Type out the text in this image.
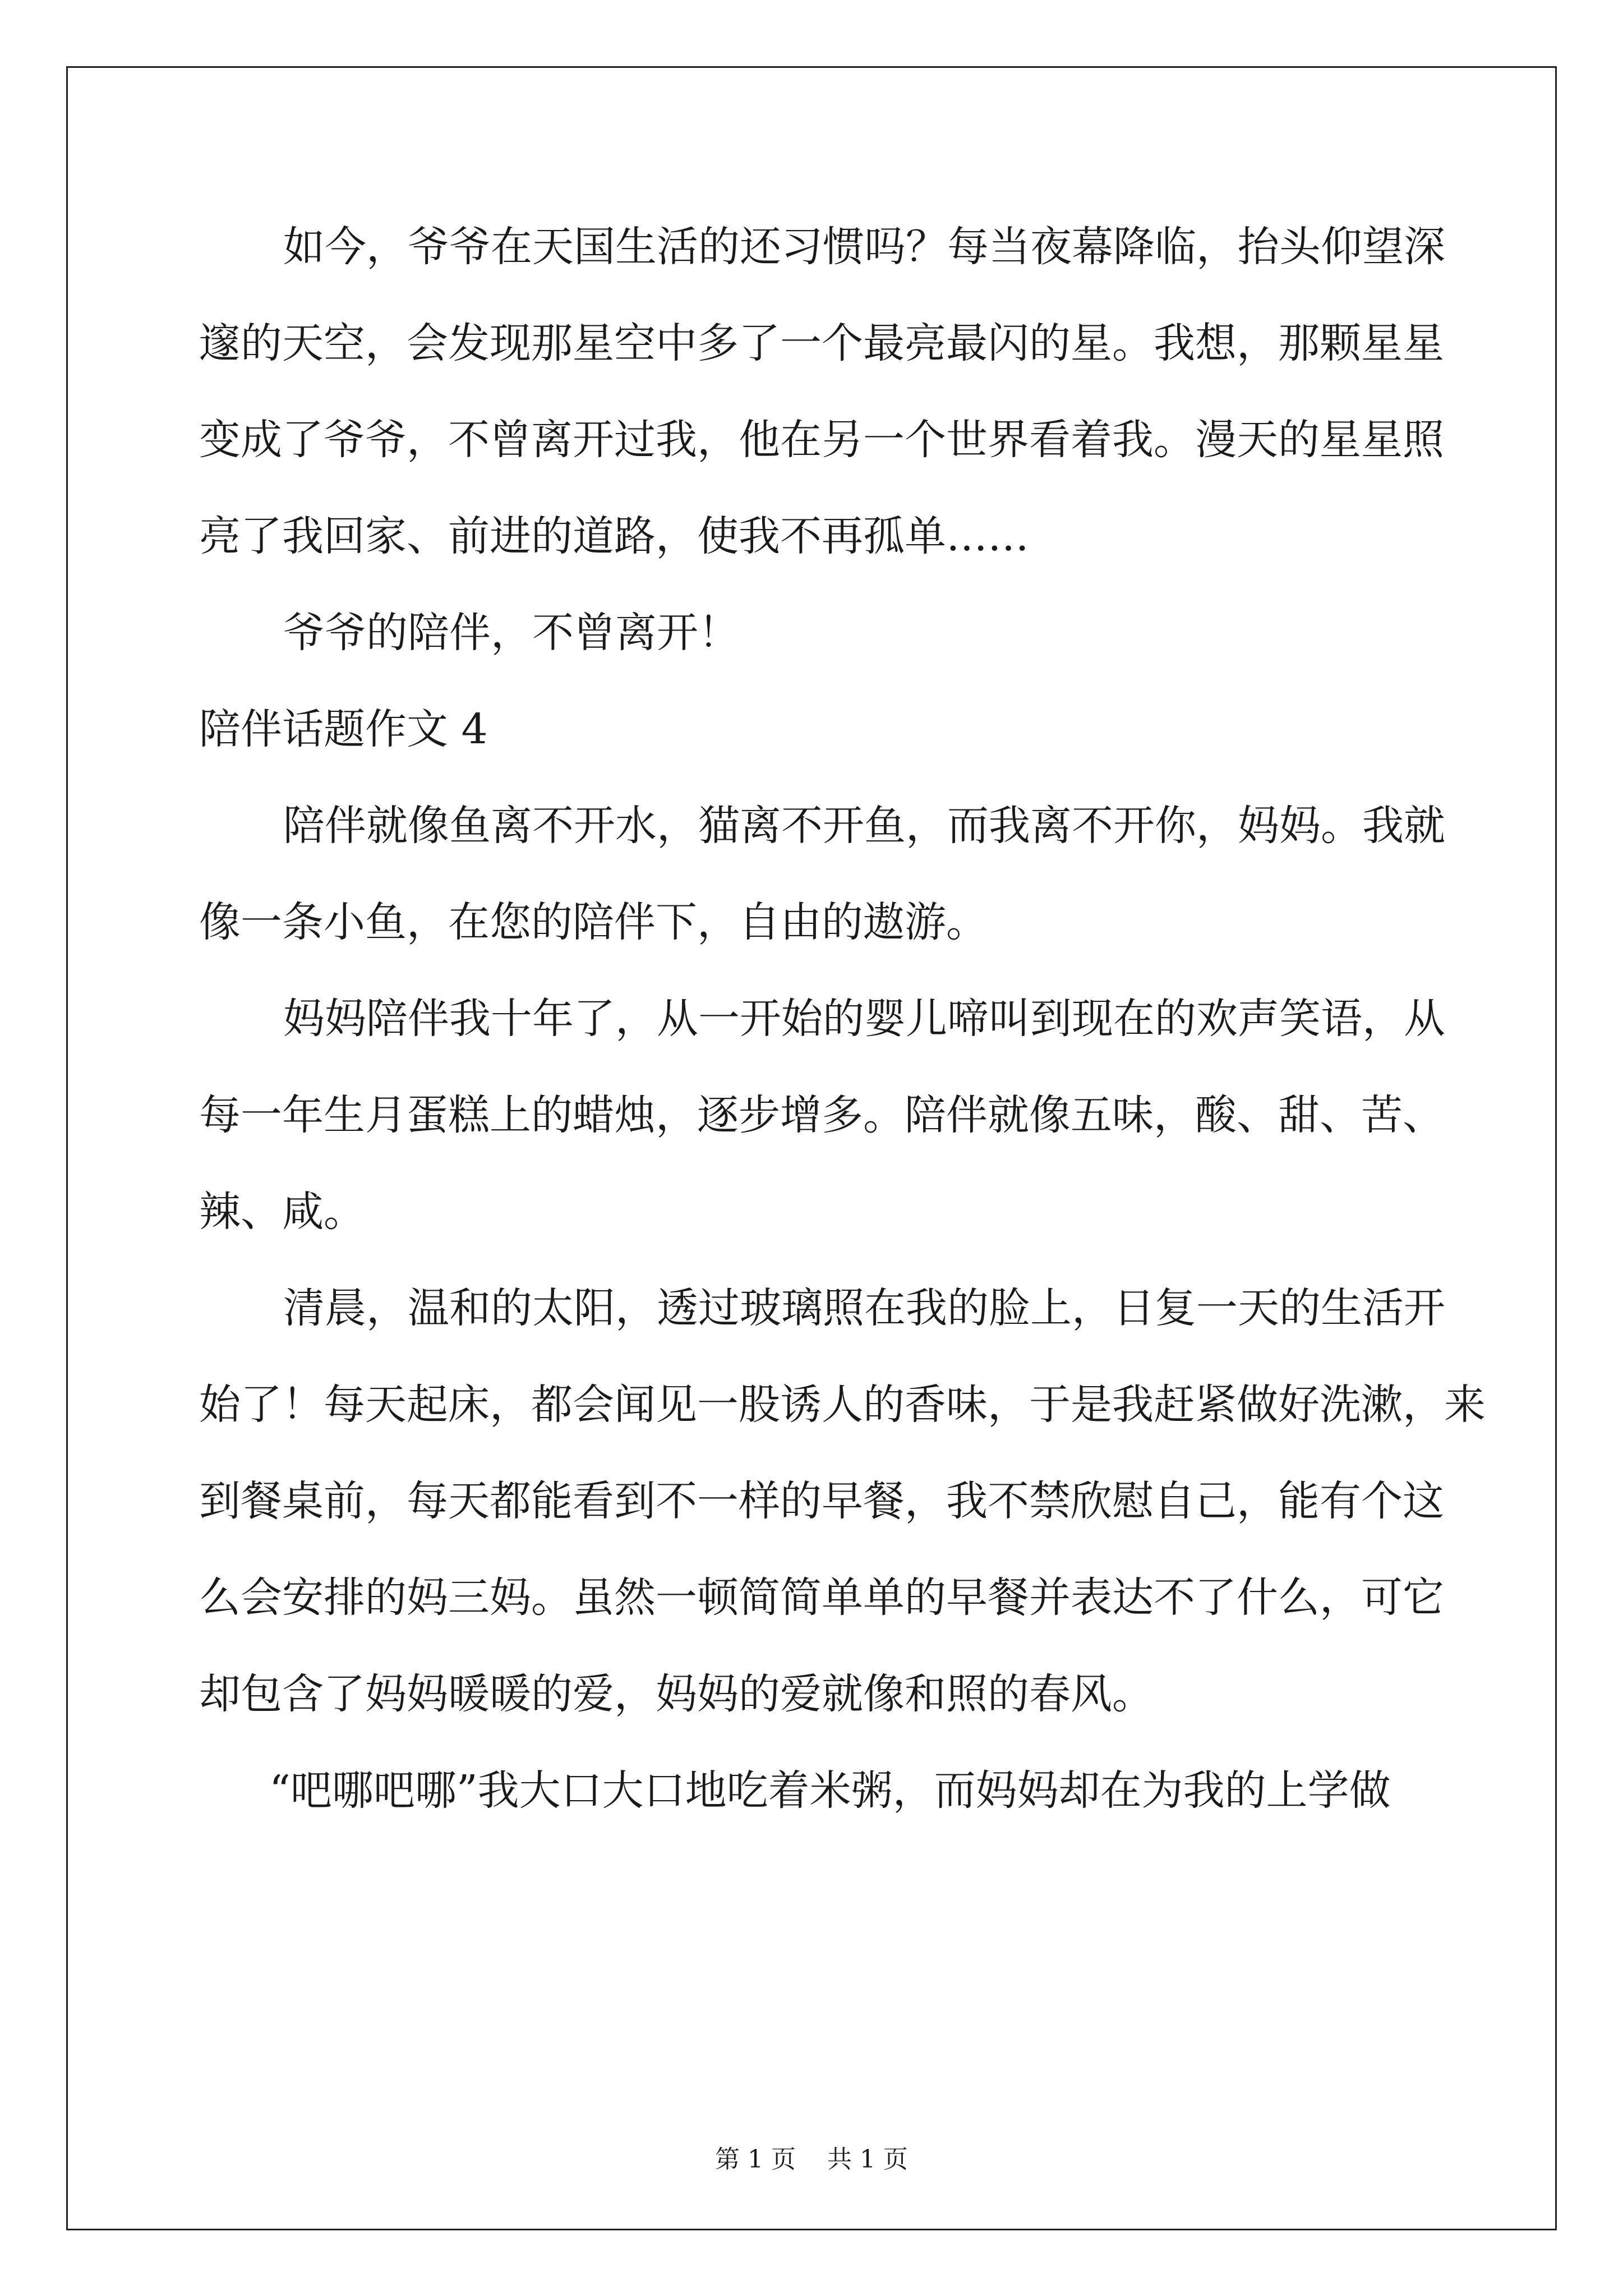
如今，爷爷在天国生活的还习惯吗？每当夜幕降临，抬头仰望深
邃的天空，会发现那星空中多了一个最亮最闪的星。我想，那颗星星
变成了爷爷，不曾离开过我，他在另一个世界看着我。漫天的星星照
亮了我回家、前进的道路，使我不再孤单……
爷爷的陪伴，不曾离开！
陪伴话题作文 4
陪伴就像鱼离不开水，猫离不开鱼，而我离不开你，妈妈。我就
像一条小鱼，在您的陪伴下，自由的遨游。
妈妈陪伴我十年了，从一开始的婴儿啼叫到现在的欢声笑语，从
每一年生月蛋糕上的蜡烛，逐步增多。陪伴就像五味，酸、甜、苦、
辣、咸。
清晨，温和的太阳，透过玻璃照在我的脸上，日复一天的生活开
始了！每天起床，都会闻见一股诱人的香味，于是我赶紧做好洗漱，来
到餐桌前，每天都能看到不一样的早餐，我不禁欣慰自己，能有个这
么会安排的妈三妈。虽然一顿简简单单的早餐并表达不了什么，可它
却包含了妈妈暖暖的爱，妈妈的爱就像和照的春风。
“吧哪吧哪”我大口大口地吃着米粥，而妈妈却在为我的上学做
第 1 页    共 1 页
